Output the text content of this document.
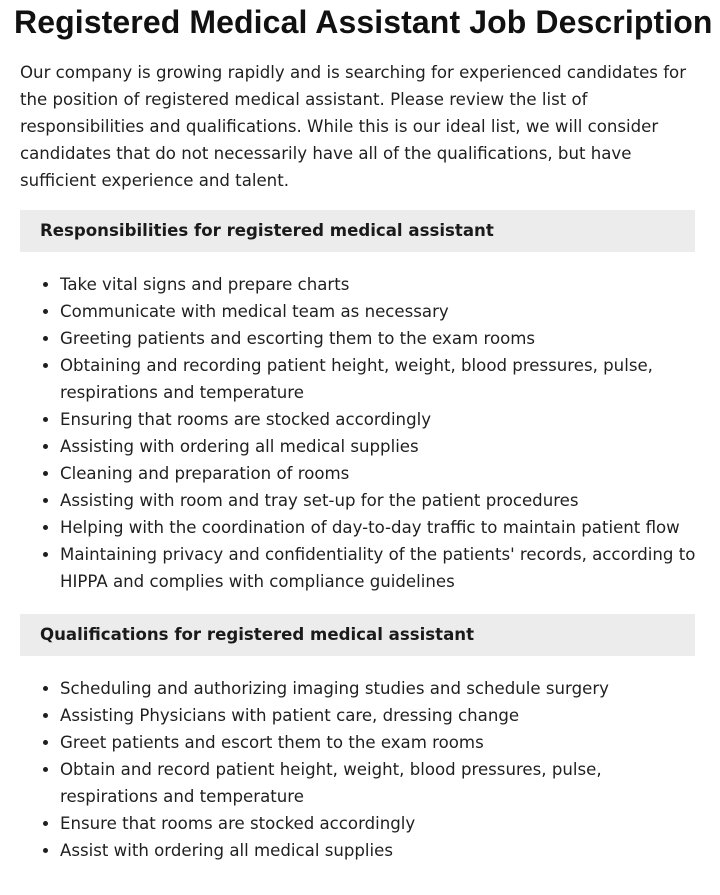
Registered Medical Assistant Job Description

Our company is growing rapidly and is searching for experienced candidates for the position of registered medical assistant. Please review the list of responsibilities and qualifications. While this is our ideal list, we will consider candidates that do not necessarily have all of the qualifications, but have sufficient experience and talent.

Responsibilities for registered medical assistant
• Take vital signs and prepare charts
• Communicate with medical team as necessary
• Greeting patients and escorting them to the exam rooms
• Obtaining and recording patient height, weight, blood pressures, pulse, respirations and temperature
• Ensuring that rooms are stocked accordingly
• Assisting with ordering all medical supplies
• Cleaning and preparation of rooms
• Assisting with room and tray set-up for the patient procedures
• Helping with the coordination of day-to-day traffic to maintain patient flow
• Maintaining privacy and confidentiality of the patients' records, according to HIPPA and complies with compliance guidelines
Qualifications for registered medical assistant
• Scheduling and authorizing imaging studies and schedule surgery
• Assisting Physicians with patient care, dressing change
• Greet patients and escort them to the exam rooms
• Obtain and record patient height, weight, blood pressures, pulse, respirations and temperature
• Ensure that rooms are stocked accordingly
• Assist with ordering all medical supplies
